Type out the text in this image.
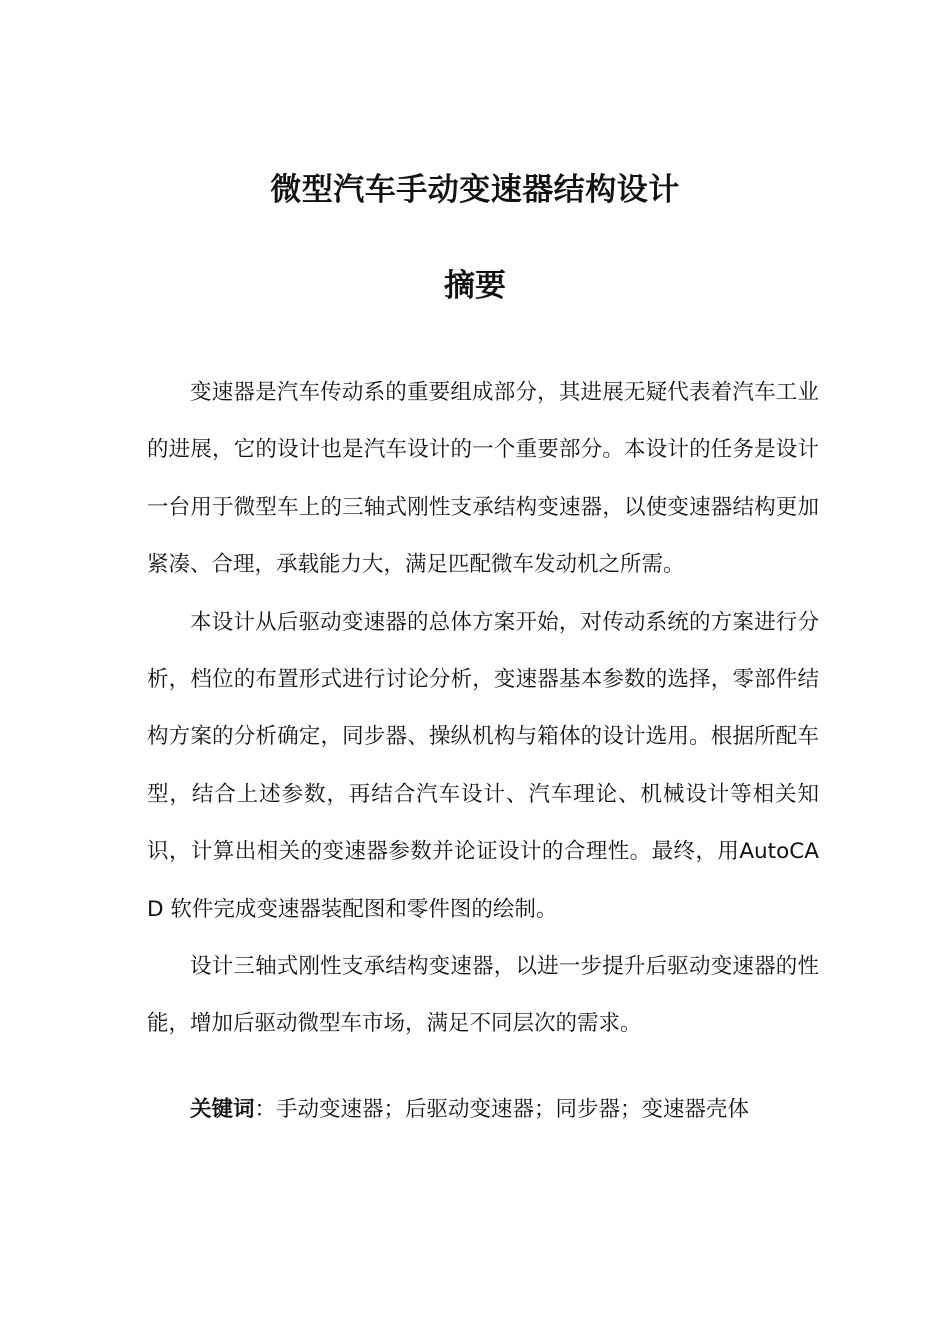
微型汽车手动变速器结构设计
摘要

变速器是汽车传动系的重要组成部分，其进展无疑代表着汽车工业的进展，它的设计也是汽车设计的一个重要部分。本设计的任务是设计一台用于微型车上的三轴式刚性支承结构变速器，以使变速器结构更加紧凑、合理，承载能力大，满足匹配微车发动机之所需。

本设计从后驱动变速器的总体方案开始，对传动系统的方案进行分析，档位的布置形式进行讨论分析，变速器基本参数的选择，零部件结构方案的分析确定，同步器、操纵机构与箱体的设计选用。根据所配车型，结合上述参数，再结合汽车设计、汽车理论、机械设计等相关知识，计算出相关的变速器参数并论证设计的合理性。最终，用AutoCAD 软件完成变速器装配图和零件图的绘制。

设计三轴式刚性支承结构变速器，以进一步提升后驱动变速器的性能，增加后驱动微型车市场，满足不同层次的需求。

关键词：手动变速器；后驱动变速器；同步器；变速器壳体
